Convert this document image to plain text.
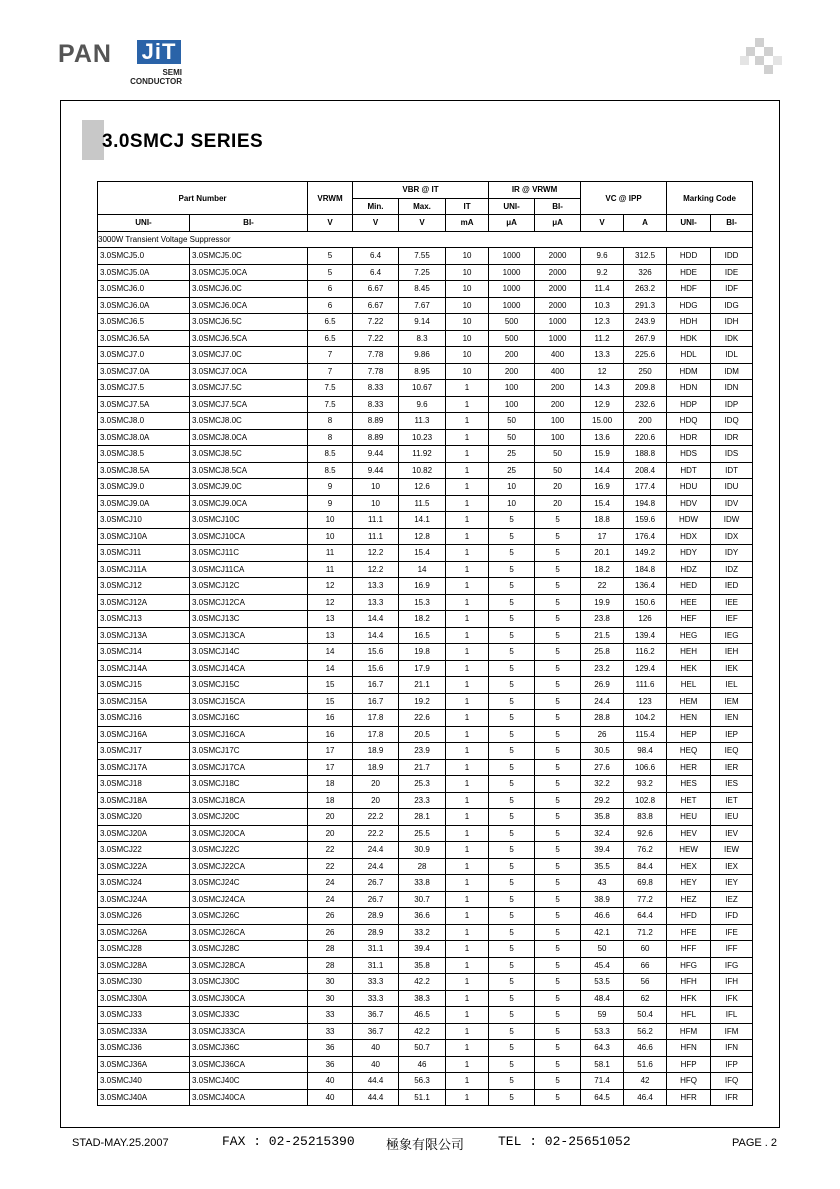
PAN JiT
SEMI
CONDUCTOR
3.0SMCJ SERIES
Part Number		VRWM	VBR @ IT			IR @ VRWM		VC @ IPP		Marking Code	
			Min.	Max.	IT	UNI-	BI-				
UNI-	BI-	V	V	V	mA	μA	μA	V	A	UNI-	BI-
3000W Transient Voltage Suppressor											
3.0SMCJ5.0	3.0SMCJ5.0C	5	6.4	7.55	10	1000	2000	9.6	312.5	HDD	IDD
3.0SMCJ5.0A	3.0SMCJ5.0CA	5	6.4	7.25	10	1000	2000	9.2	326	HDE	IDE
3.0SMCJ6.0	3.0SMCJ6.0C	6	6.67	8.45	10	1000	2000	11.4	263.2	HDF	IDF
3.0SMCJ6.0A	3.0SMCJ6.0CA	6	6.67	7.67	10	1000	2000	10.3	291.3	HDG	IDG
3.0SMCJ6.5	3.0SMCJ6.5C	6.5	7.22	9.14	10	500	1000	12.3	243.9	HDH	IDH
3.0SMCJ6.5A	3.0SMCJ6.5CA	6.5	7.22	8.3	10	500	1000	11.2	267.9	HDK	IDK
3.0SMCJ7.0	3.0SMCJ7.0C	7	7.78	9.86	10	200	400	13.3	225.6	HDL	IDL
3.0SMCJ7.0A	3.0SMCJ7.0CA	7	7.78	8.95	10	200	400	12	250	HDM	IDM
3.0SMCJ7.5	3.0SMCJ7.5C	7.5	8.33	10.67	1	100	200	14.3	209.8	HDN	IDN
3.0SMCJ7.5A	3.0SMCJ7.5CA	7.5	8.33	9.6	1	100	200	12.9	232.6	HDP	IDP
3.0SMCJ8.0	3.0SMCJ8.0C	8	8.89	11.3	1	50	100	15.00	200	HDQ	IDQ
3.0SMCJ8.0A	3.0SMCJ8.0CA	8	8.89	10.23	1	50	100	13.6	220.6	HDR	IDR
3.0SMCJ8.5	3.0SMCJ8.5C	8.5	9.44	11.92	1	25	50	15.9	188.8	HDS	IDS
3.0SMCJ8.5A	3.0SMCJ8.5CA	8.5	9.44	10.82	1	25	50	14.4	208.4	HDT	IDT
3.0SMCJ9.0	3.0SMCJ9.0C	9	10	12.6	1	10	20	16.9	177.4	HDU	IDU
3.0SMCJ9.0A	3.0SMCJ9.0CA	9	10	11.5	1	10	20	15.4	194.8	HDV	IDV
3.0SMCJ10	3.0SMCJ10C	10	11.1	14.1	1	5	5	18.8	159.6	HDW	IDW
3.0SMCJ10A	3.0SMCJ10CA	10	11.1	12.8	1	5	5	17	176.4	HDX	IDX
3.0SMCJ11	3.0SMCJ11C	11	12.2	15.4	1	5	5	20.1	149.2	HDY	IDY
3.0SMCJ11A	3.0SMCJ11CA	11	12.2	14	1	5	5	18.2	184.8	HDZ	IDZ
3.0SMCJ12	3.0SMCJ12C	12	13.3	16.9	1	5	5	22	136.4	HED	IED
3.0SMCJ12A	3.0SMCJ12CA	12	13.3	15.3	1	5	5	19.9	150.6	HEE	IEE
3.0SMCJ13	3.0SMCJ13C	13	14.4	18.2	1	5	5	23.8	126	HEF	IEF
3.0SMCJ13A	3.0SMCJ13CA	13	14.4	16.5	1	5	5	21.5	139.4	HEG	IEG
3.0SMCJ14	3.0SMCJ14C	14	15.6	19.8	1	5	5	25.8	116.2	HEH	IEH
3.0SMCJ14A	3.0SMCJ14CA	14	15.6	17.9	1	5	5	23.2	129.4	HEK	IEK
3.0SMCJ15	3.0SMCJ15C	15	16.7	21.1	1	5	5	26.9	111.6	HEL	IEL
3.0SMCJ15A	3.0SMCJ15CA	15	16.7	19.2	1	5	5	24.4	123	HEM	IEM
3.0SMCJ16	3.0SMCJ16C	16	17.8	22.6	1	5	5	28.8	104.2	HEN	IEN
3.0SMCJ16A	3.0SMCJ16CA	16	17.8	20.5	1	5	5	26	115.4	HEP	IEP
3.0SMCJ17	3.0SMCJ17C	17	18.9	23.9	1	5	5	30.5	98.4	HEQ	IEQ
3.0SMCJ17A	3.0SMCJ17CA	17	18.9	21.7	1	5	5	27.6	106.6	HER	IER
3.0SMCJ18	3.0SMCJ18C	18	20	25.3	1	5	5	32.2	93.2	HES	IES
3.0SMCJ18A	3.0SMCJ18CA	18	20	23.3	1	5	5	29.2	102.8	HET	IET
3.0SMCJ20	3.0SMCJ20C	20	22.2	28.1	1	5	5	35.8	83.8	HEU	IEU
3.0SMCJ20A	3.0SMCJ20CA	20	22.2	25.5	1	5	5	32.4	92.6	HEV	IEV
3.0SMCJ22	3.0SMCJ22C	22	24.4	30.9	1	5	5	39.4	76.2	HEW	IEW
3.0SMCJ22A	3.0SMCJ22CA	22	24.4	28	1	5	5	35.5	84.4	HEX	IEX
3.0SMCJ24	3.0SMCJ24C	24	26.7	33.8	1	5	5	43	69.8	HEY	IEY
3.0SMCJ24A	3.0SMCJ24CA	24	26.7	30.7	1	5	5	38.9	77.2	HEZ	IEZ
3.0SMCJ26	3.0SMCJ26C	26	28.9	36.6	1	5	5	46.6	64.4	HFD	IFD
3.0SMCJ26A	3.0SMCJ26CA	26	28.9	33.2	1	5	5	42.1	71.2	HFE	IFE
3.0SMCJ28	3.0SMCJ28C	28	31.1	39.4	1	5	5	50	60	HFF	IFF
3.0SMCJ28A	3.0SMCJ28CA	28	31.1	35.8	1	5	5	45.4	66	HFG	IFG
3.0SMCJ30	3.0SMCJ30C	30	33.3	42.2	1	5	5	53.5	56	HFH	IFH
3.0SMCJ30A	3.0SMCJ30CA	30	33.3	38.3	1	5	5	48.4	62	HFK	IFK
3.0SMCJ33	3.0SMCJ33C	33	36.7	46.5	1	5	5	59	50.4	HFL	IFL
3.0SMCJ33A	3.0SMCJ33CA	33	36.7	42.2	1	5	5	53.3	56.2	HFM	IFM
3.0SMCJ36	3.0SMCJ36C	36	40	50.7	1	5	5	64.3	46.6	HFN	IFN
3.0SMCJ36A	3.0SMCJ36CA	36	40	46	1	5	5	58.1	51.6	HFP	IFP
3.0SMCJ40	3.0SMCJ40C	40	44.4	56.3	1	5	5	71.4	42	HFQ	IFQ
3.0SMCJ40A	3.0SMCJ40CA	40	44.4	51.1	1	5	5	64.5	46.4	HFR	IFR
STAD-MAY.25.2007	FAX : 02-25215390 極象有限公司	TEL : 02-25651052	PAGE . 2
